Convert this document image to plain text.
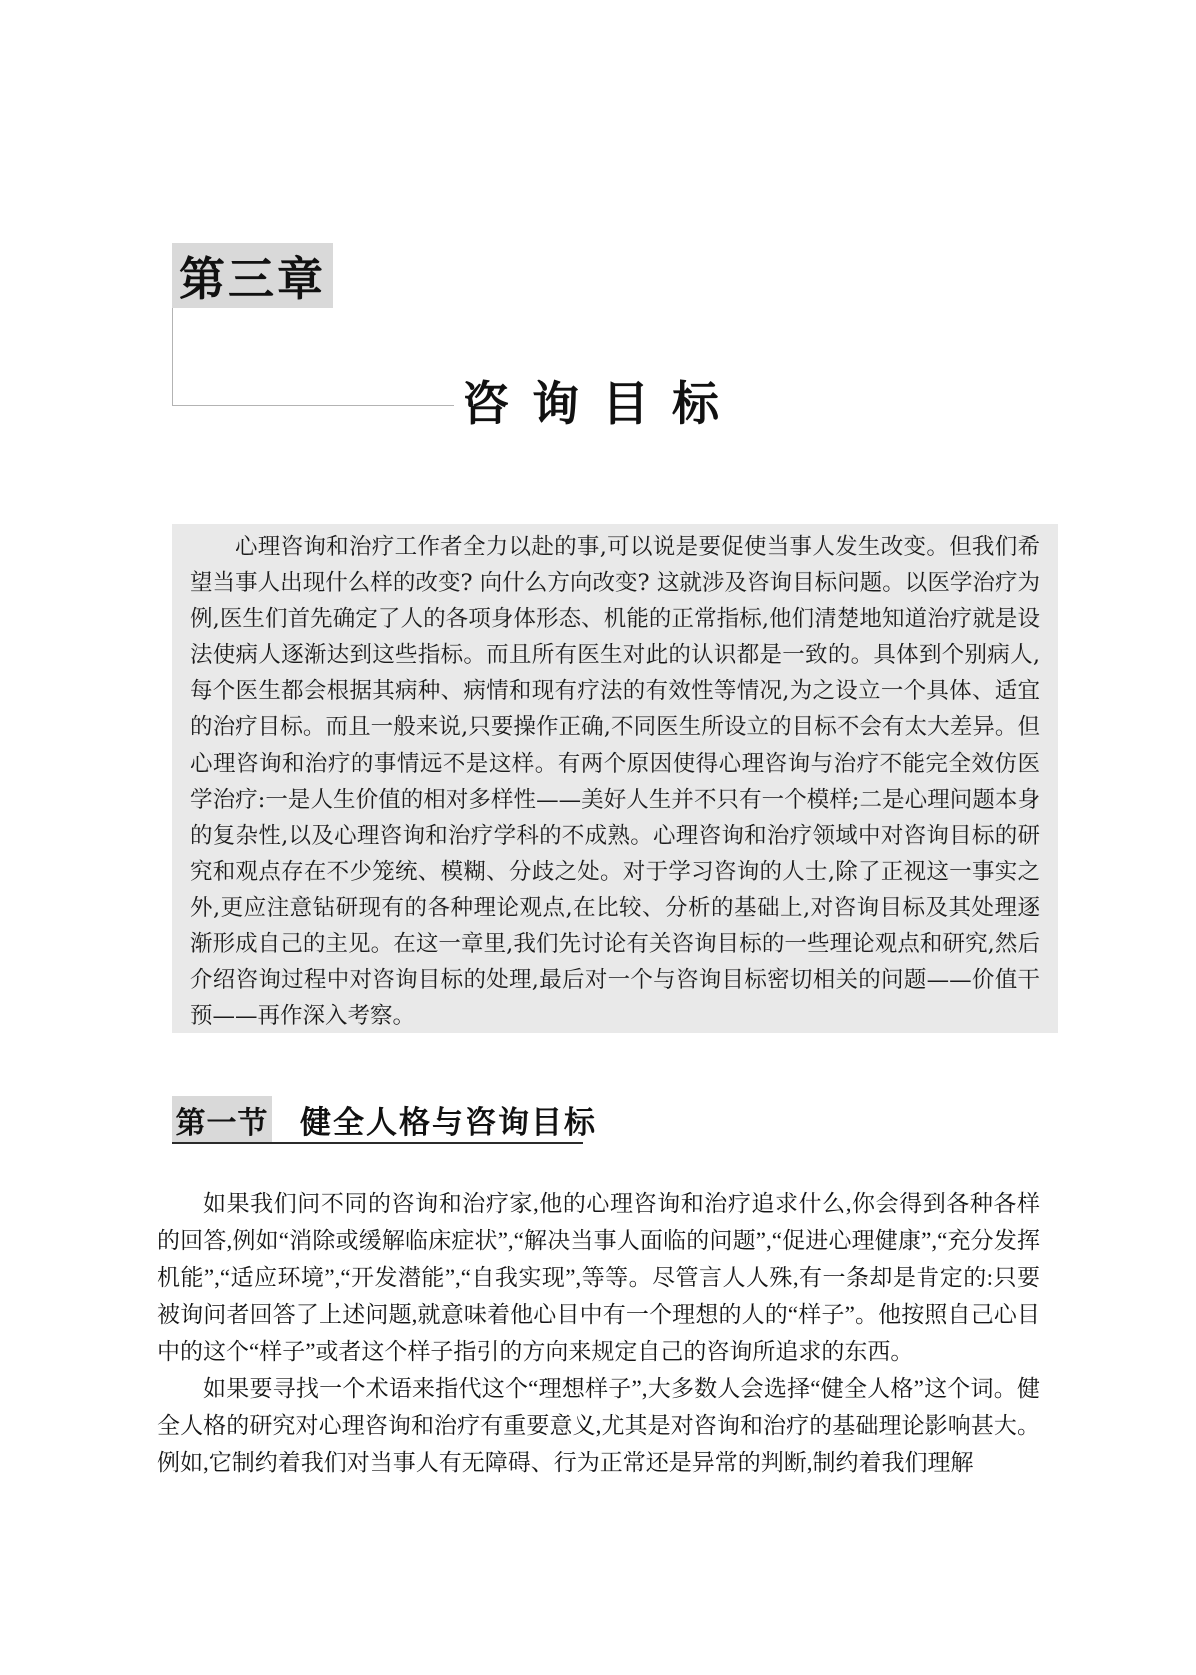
第三章
咨询目标

心理咨询和治疗工作者全力以赴的事,可以说是要促使当事人发生改变。但我们希望当事人出现什么样的改变? 向什么方向改变? 这就涉及咨询目标问题。以医学治疗为例,医生们首先确定了人的各项身体形态、机能的正常指标,他们清楚地知道治疗就是设法使病人逐渐达到这些指标。而且所有医生对此的认识都是一致的。具体到个别病人,每个医生都会根据其病种、病情和现有疗法的有效性等情况,为之设立一个具体、适宜的治疗目标。而且一般来说,只要操作正确,不同医生所设立的目标不会有太大差异。但心理咨询和治疗的事情远不是这样。有两个原因使得心理咨询与治疗不能完全效仿医学治疗:一是人生价值的相对多样性——美好人生并不只有一个模样;二是心理问题本身的复杂性,以及心理咨询和治疗学科的不成熟。心理咨询和治疗领域中对咨询目标的研究和观点存在不少笼统、模糊、分歧之处。对于学习咨询的人士,除了正视这一事实之外,更应注意钻研现有的各种理论观点,在比较、分析的基础上,对咨询目标及其处理逐渐形成自己的主见。在这一章里,我们先讨论有关咨询目标的一些理论观点和研究,然后介绍咨询过程中对咨询目标的处理,最后对一个与咨询目标密切相关的问题——价值干预——再作深入考察。

第一节 健全人格与咨询目标

如果我们问不同的咨询和治疗家,他的心理咨询和治疗追求什么,你会得到各种各样的回答,例如“消除或缓解临床症状”,“解决当事人面临的问题”,“促进心理健康”,“充分发挥机能”,“适应环境”,“开发潜能”,“自我实现”,等等。尽管言人人殊,有一条却是肯定的:只要被询问者回答了上述问题,就意味着他心目中有一个理想的人的“样子”。他按照自己心目中的这个“样子”或者这个样子指引的方向来规定自己的咨询所追求的东西。

如果要寻找一个术语来指代这个“理想样子”,大多数人会选择“健全人格”这个词。健全人格的研究对心理咨询和治疗有重要意义,尤其是对咨询和治疗的基础理论影响甚大。例如,它制约着我们对当事人有无障碍、行为正常还是异常的判断,制约着我们理解
